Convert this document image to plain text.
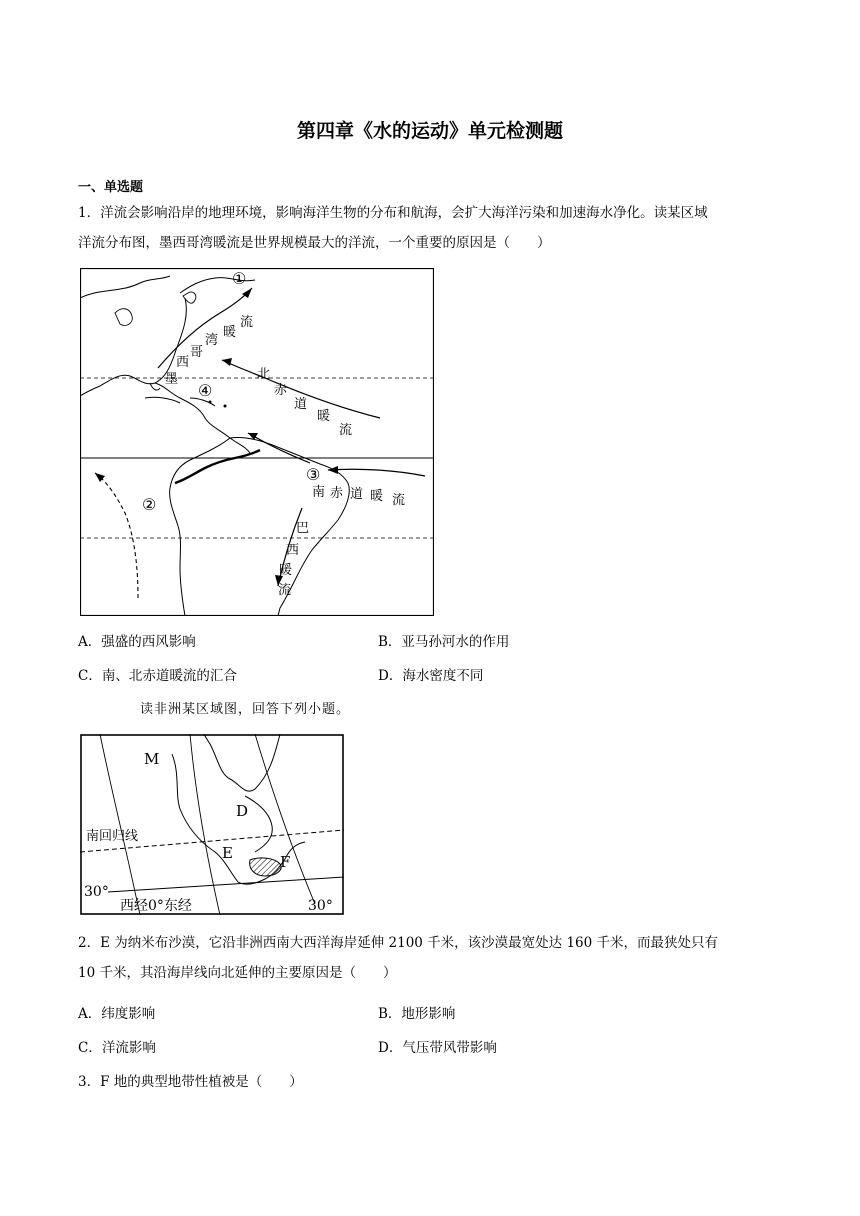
第四章《水的运动》单元检测题
一、单选题
1．洋流会影响沿岸的地理环境，影响海洋生物的分布和航海，会扩大海洋污染和加速海水净化。读某区域
洋流分布图，墨西哥湾暖流是世界规模最大的洋流，一个重要的原因是（　　）
①
④
③
②
墨
西
哥
湾
暖
流
北
赤
道
暖
流
南 赤 道 暖 流
巴
西
暖
流
A．强盛的西风影响	B．亚马孙河水的作用
C．南、北赤道暖流的汇合	D．海水密度不同
读非洲某区域图，回答下列小题。
M
D
E	F
南回归线
30°
西经0°东经	30°
2．E 为纳米布沙漠，它沿非洲西南大西洋海岸延伸 2100 千米，该沙漠最宽处达 160 千米，而最狭处只有
10 千米，其沿海岸线向北延伸的主要原因是（　　）
A．纬度影响	B．地形影响
C．洋流影响	D．气压带风带影响
3．F 地的典型地带性植被是（　　）
